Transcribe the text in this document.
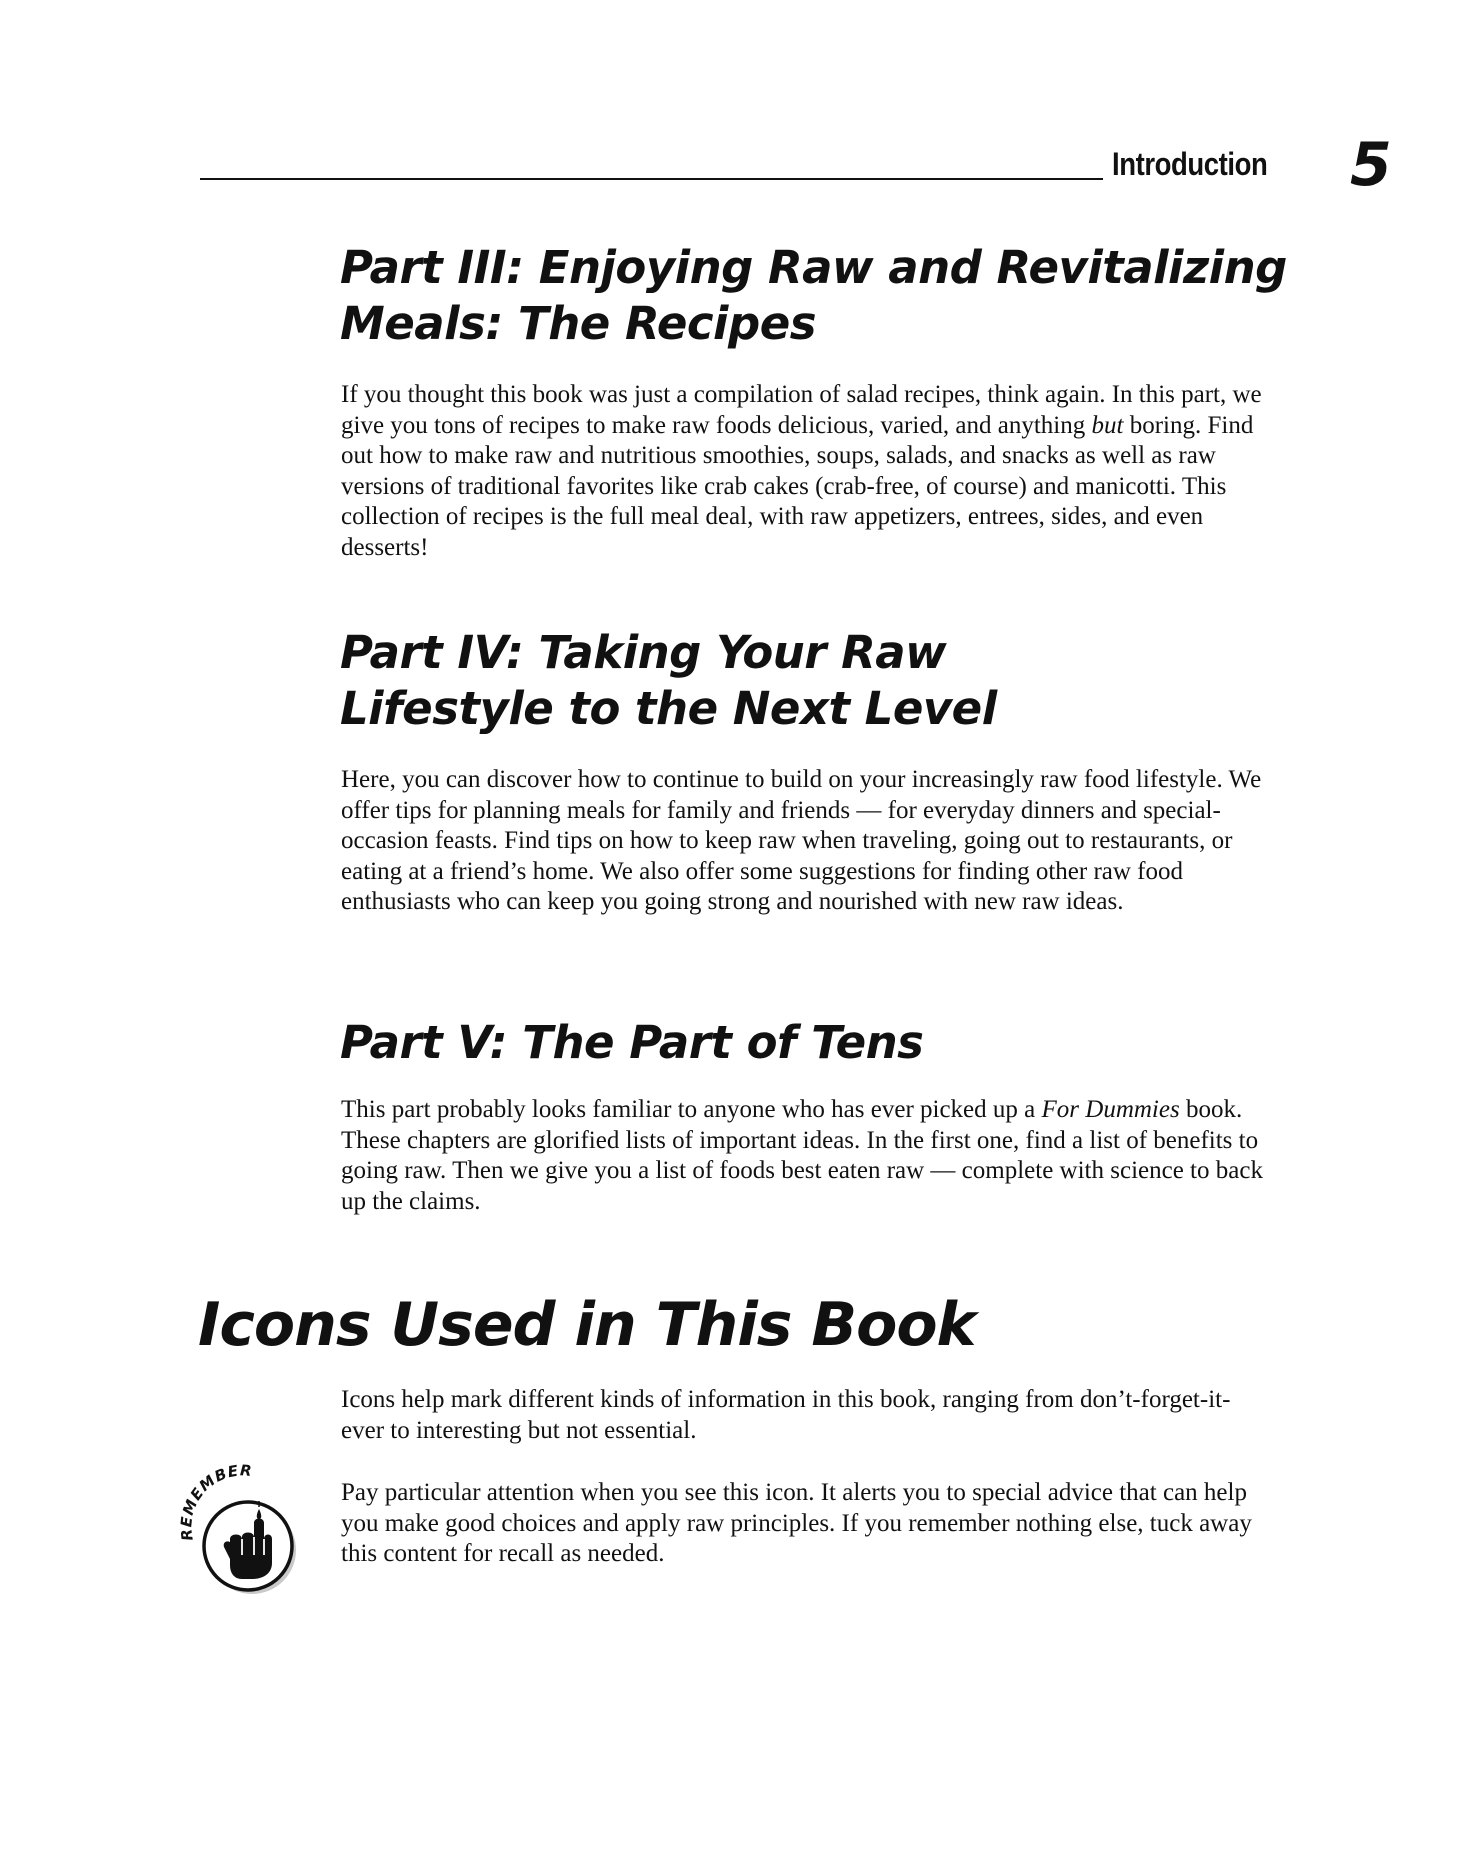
Introduction 5
Part III: Enjoying Raw and Revitalizing
Meals: The Recipes

If you thought this book was just a compilation of salad recipes, think again. In this part, we give you tons of recipes to make raw foods delicious, varied, and anything but boring. Find out how to make raw and nutritious smoothies, soups, salads, and snacks as well as raw versions of traditional favorites like crab cakes (crab-free, of course) and manicotti. This collection of recipes is the full meal deal, with raw appetizers, entrees, sides, and even desserts!

Part IV: Taking Your Raw
Lifestyle to the Next Level

Here, you can discover how to continue to build on your increasingly raw food lifestyle. We offer tips for planning meals for family and friends — for everyday dinners and special-occasion feasts. Find tips on how to keep raw when traveling, going out to restaurants, or eating at a friend’s home. We also offer some suggestions for finding other raw food enthusiasts who can keep you going strong and nourished with new raw ideas.

Part V: The Part of Tens

This part probably looks familiar to anyone who has ever picked up a For Dummies book. These chapters are glorified lists of important ideas. In the first one, find a list of benefits to going raw. Then we give you a list of foods best eaten raw — complete with science to back up the claims.

Icons Used in This Book

Icons help mark different kinds of information in this book, ranging from don’t-forget-it-ever to interesting but not essential.

REMEMBER

Pay particular attention when you see this icon. It alerts you to special advice that can help you make good choices and apply raw principles. If you remember nothing else, tuck away this content for recall as needed.
